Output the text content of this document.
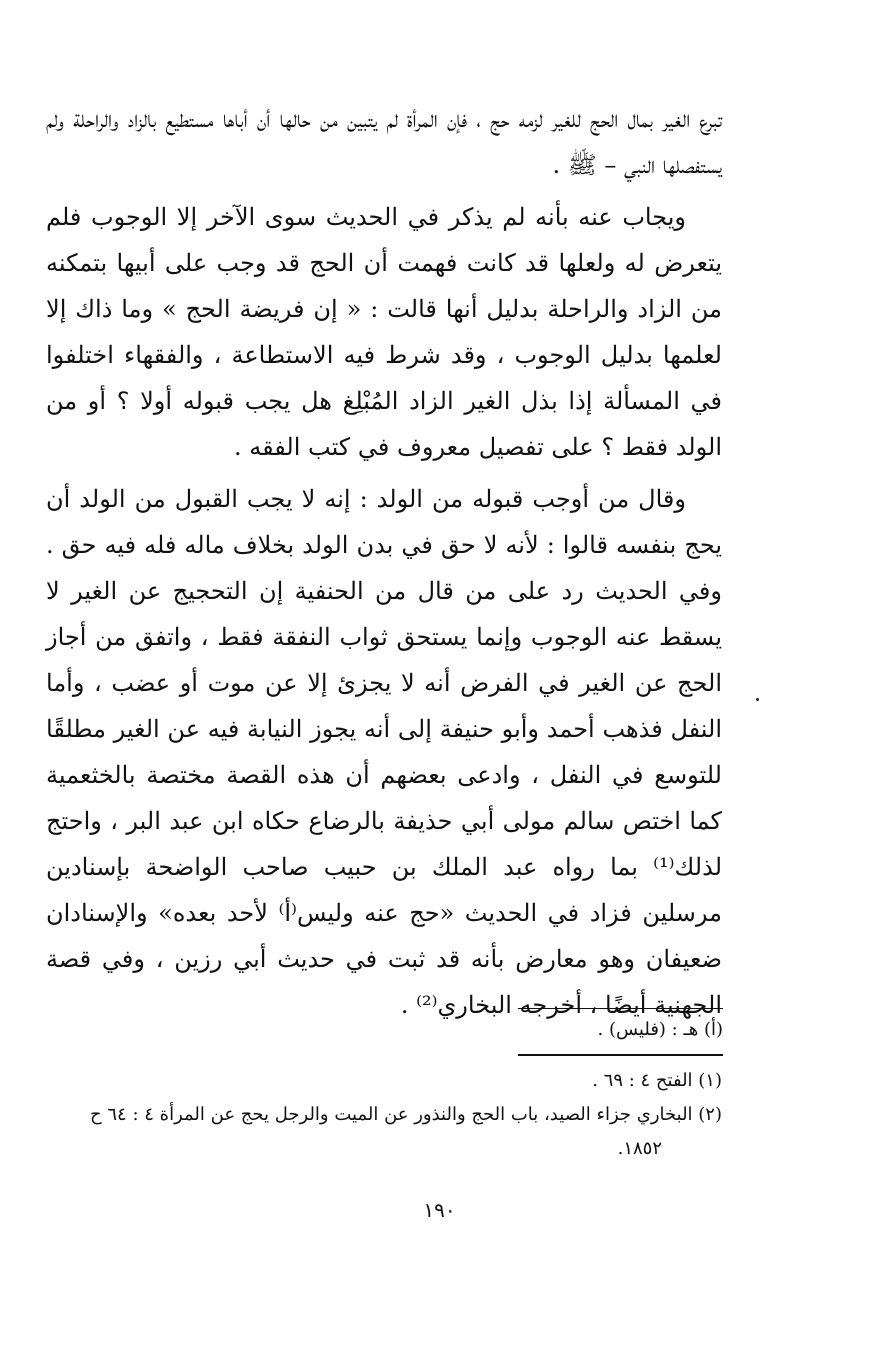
تبرع الغير بمال الحج للغير لزمه حج ، فإن المرأة لم يتبين من حالها أن أباها مستطيع بالزاد والراحلة ولم يستفصلها النبي – ﷺ .

ويجاب عنه بأنه لم يذكر في الحديث سوى الآخر إلا الوجوب فلم يتعرض له ولعلها قد كانت فهمت أن الحج قد وجب على أبيها بتمكنه من الزاد والراحلة بدليل أنها قالت : « إن فريضة الحج » وما ذاك إلا لعلمها بدليل الوجوب ، وقد شرط فيه الاستطاعة ، والفقهاء اختلفوا في المسألة إذا بذل الغير الزاد المُبْلِغ هل يجب قبوله أولا ؟ أو من الولد فقط ؟ على تفصيل معروف في كتب الفقه .

وقال من أوجب قبوله من الولد : إنه لا يجب القبول من الولد أن يحج بنفسه قالوا : لأنه لا حق في بدن الولد بخلاف ماله فله فيه حق . وفي الحديث رد على من قال من الحنفية إن التحجيج عن الغير لا يسقط عنه الوجوب وإنما يستحق ثواب النفقة فقط ، واتفق من أجاز الحج عن الغير في الفرض أنه لا يجزئ إلا عن موت أو عضب ، وأما النفل فذهب أحمد وأبو حنيفة إلى أنه يجوز النيابة فيه عن الغير مطلقًا للتوسع في النفل ، وادعى بعضهم أن هذه القصة مختصة بالخثعمية كما اختص سالم مولى أبي حذيفة بالرضاع حكاه ابن عبد البر ، واحتج لذلك⁽¹⁾ بما رواه عبد الملك بن حبيب صاحب الواضحة بإسنادين مرسلين فزاد في الحديث «حج عنه وليس⁽أ⁾ لأحد بعده» والإسنادان ضعيفان وهو معارض بأنه قد ثبت في حديث أبي رزين ، وفي قصة الجهنية أيضًا ، أخرجه البخاري⁽²⁾ .

(أ) هـ : (فليس) .

(١) الفتح ٤ : ٦٩ .

(٢) البخاري جزاء الصيد، باب الحج والنذور عن الميت والرجل يحج عن المرأة ٤ : ٦٤ ح

١٨٥٢.

١٩٠
